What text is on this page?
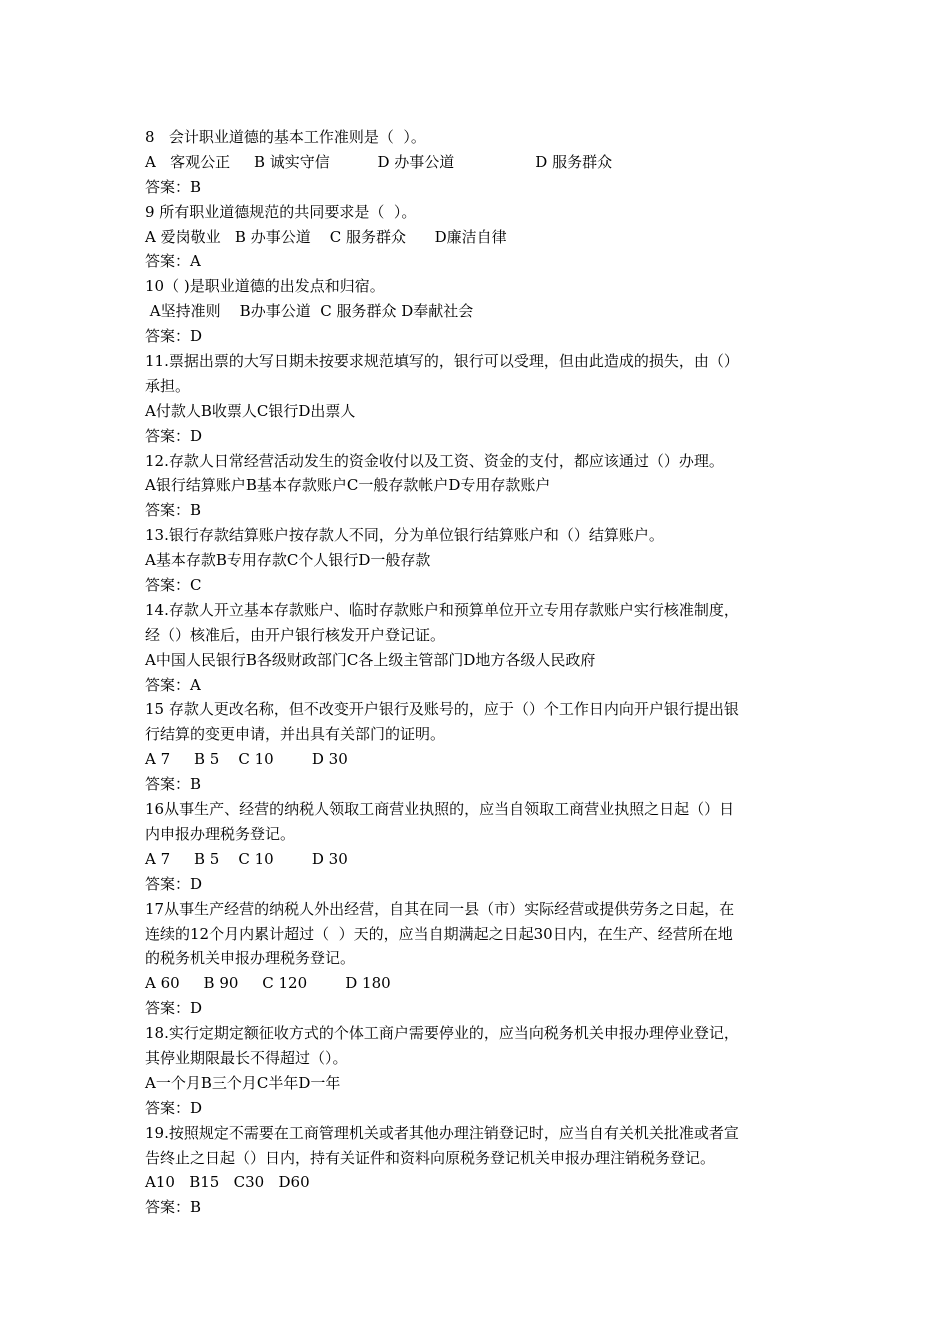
8   会计职业道德的基本工作准则是（  ）。
A   客观公正     B 诚实守信          D 办事公道                 D 服务群众
答案：B
9 所有职业道德规范的共同要求是（  ）。
A 爱岗敬业   B 办事公道    C 服务群众      D廉洁自律
答案：A
10（ )是职业道德的出发点和归宿。
A坚持准则    B办事公道  C 服务群众 D奉献社会
答案：D
11.票据出票的大写日期未按要求规范填写的，银行可以受理，但由此造成的损失，由（）
承担。
A付款人B收票人C银行D出票人
答案：D
12.存款人日常经营活动发生的资金收付以及工资、资金的支付，都应该通过（）办理。
A银行结算账户B基本存款账户C一般存款帐户D专用存款账户
答案：B
13.银行存款结算账户按存款人不同，分为单位银行结算账户和（）结算账户。
A基本存款B专用存款C个人银行D一般存款
答案：C
14.存款人开立基本存款账户、临时存款账户和预算单位开立专用存款账户实行核准制度，
经（）核准后，由开户银行核发开户登记证。
A中国人民银行B各级财政部门C各上级主管部门D地方各级人民政府
答案：A
15 存款人更改名称，但不改变开户银行及账号的，应于（）个工作日内向开户银行提出银
行结算的变更申请，并出具有关部门的证明。
A 7     B 5    C 10        D 30
答案：B
16从事生产、经营的纳税人领取工商营业执照的，应当自领取工商营业执照之日起（）日
内申报办理税务登记。
A 7     B 5    C 10        D 30
答案：D
17从事生产经营的纳税人外出经营，自其在同一县（市）实际经营或提供劳务之日起，在
连续的12个月内累计超过（  ）天的，应当自期满起之日起30日内，在生产、经营所在地
的税务机关申报办理税务登记。
A 60     B 90     C 120        D 180
答案：D
18.实行定期定额征收方式的个体工商户需要停业的，应当向税务机关申报办理停业登记，
其停业期限最长不得超过（）。
A一个月B三个月C半年D一年
答案：D
19.按照规定不需要在工商管理机关或者其他办理注销登记时，应当自有关机关批准或者宣
告终止之日起（）日内，持有关证件和资料向原税务登记机关申报办理注销税务登记。
A10   B15   C30   D60
答案：B
